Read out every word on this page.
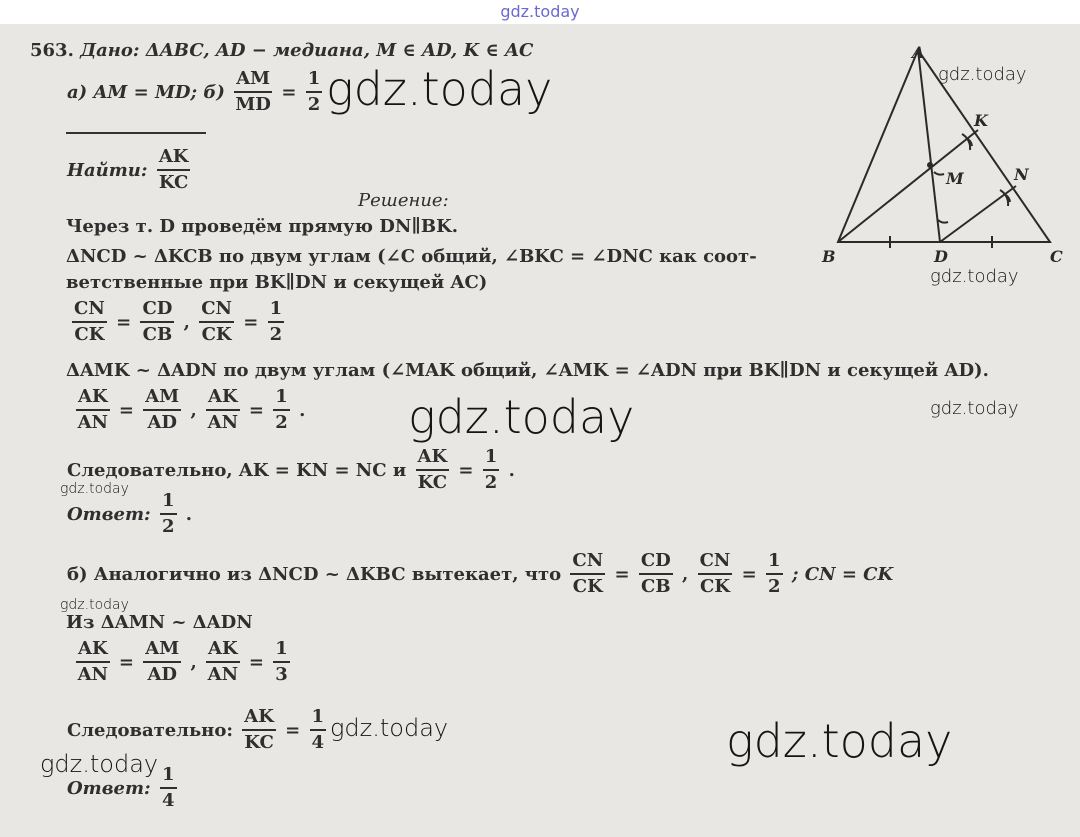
gdz.today
563. Дано: ΔABC, AD − медиана, M ∈ AD, K ∈ AC
а) AM = MD; $б) \frac{AM}{MD} = \frac{1}{2}$
Найти: $\frac{AK}{KC}$
Решение:
Через т. D проведём прямую DN∥BK.
ΔNCD ~ ΔKCB по двум углам (∠C общий, ∠BKC = ∠DNC как соот-
ветственные при BK∥DN и секущей AC)
$\frac{CN}{CK} = \frac{CD}{CB}$ , $\frac{CN}{CK} = \frac{1}{2}$
ΔAMK ~ ΔADN по двум углам (∠MAK общий, ∠AMK = ∠ADN при BK∥DN и секущей AD).
$\frac{AK}{AN} = \frac{AM}{AD}$ , $\frac{AK}{AN} = \frac{1}{2}$ .
Следовательно, AK = KN = NC и $\frac{AK}{KC} = \frac{1}{2}$ .
Ответ: $\frac{1}{2}$ .
б) Аналогично из ΔNCD ~ ΔKBC вытекает, что $\frac{CN}{CK} = \frac{CD}{CB}$ , $\frac{CN}{CK} = \frac{1}{2}$ ; CN = CK
Из ΔAMN ~ ΔADN
$\frac{AK}{AN} = \frac{AM}{AD}$ , $\frac{AK}{AN} = \frac{1}{3}$
Следовательно: $\frac{AK}{KC} = \frac{1}{4}$
Ответ: $\frac{1}{4}$
A
B	C
D
K
M	N
gdz.today
gdz.today
gdz.today
gdz.today
gdz.today
gdz.today
gdz.today
gdz.today
gdz.today
gdz.today
